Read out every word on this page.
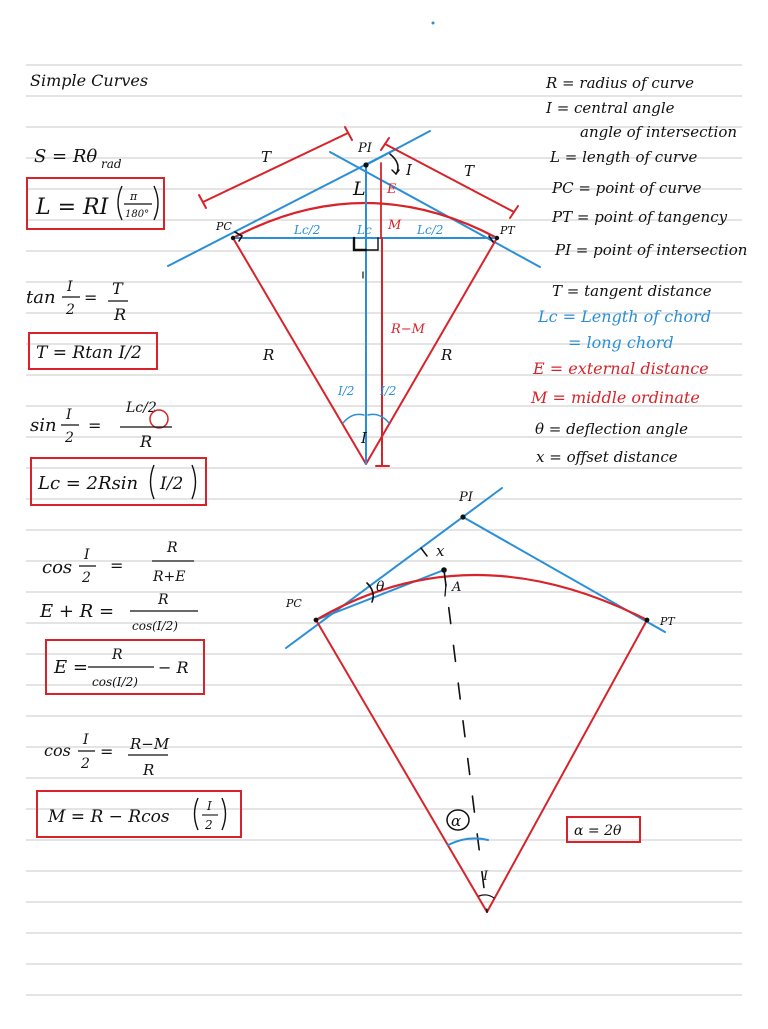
Simple Curves
S = Rθ rad
L = RI π
180°
tan I
2
= T
R
T = Rtan I/2
sin I
2
=
Lc/2
R
Lc = 2Rsin I/2
cos
I
2
=
R
R+E
E + R =
R
cos(I/2)
E =
R
cos(I/2)
− R
cos
I
2
= R−M
R
M = R − Rcos
I
2
R = radius of curve
I = central angle
angle of intersection
L = length of curve
PC = point of curve
PT = point of tangency
PI = point of intersection
T = tangent distance
Lc = Length of chord
= long chord
E = external distance
M = middle ordinate
θ = deflection angle
x = offset distance
PI
T
T
I
L E
M
PC	PT
Lc/2	Lc	Lc/2
R−M
R	R
I/2 I/2
I
PI
x
θ	A
PC
PT
α
I
α = 2θ
